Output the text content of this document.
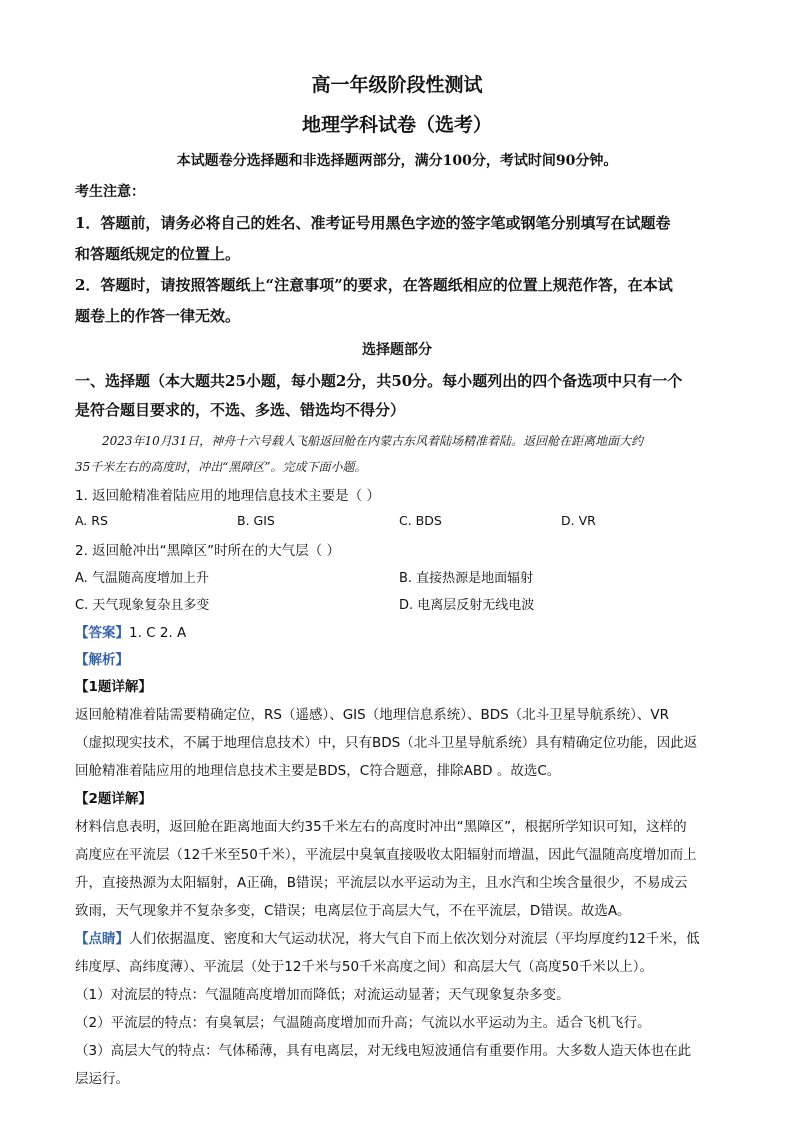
高一年级阶段性测试
地理学科试卷（选考）
本试题卷分选择题和非选择题两部分，满分100分，考试时间90分钟。
考生注意：
1．答题前，请务必将自己的姓名、准考证号用黑色字迹的签字笔或钢笔分别填写在试题卷
和答题纸规定的位置上。
2．答题时，请按照答题纸上“注意事项”的要求，在答题纸相应的位置上规范作答，在本试
题卷上的作答一律无效。
选择题部分
一、选择题（本大题共25小题，每小题2分，共50分。每小题列出的四个备选项中只有一个
是符合题目要求的，不选、多选、错选均不得分）
2023年10月31日，神舟十六号载人飞船返回舱在内蒙古东风着陆场精准着陆。返回舱在距离地面大约
35千米左右的高度时，冲出“黑障区”。完成下面小题。
1. 返回舱精准着陆应用的地理信息技术主要是（ ）
A. RS	B. GIS	C. BDS	D. VR
2. 返回舱冲出“黑障区”时所在的大气层（ ）
A. 气温随高度增加上升	B. 直接热源是地面辐射
C. 天气现象复杂且多变	D. 电离层反射无线电波
【答案】1. C 2. A
【解析】
【1题详解】
返回舱精准着陆需要精确定位，RS（遥感）、GIS（地理信息系统）、BDS（北斗卫星导航系统）、VR
（虚拟现实技术，不属于地理信息技术）中，只有BDS（北斗卫星导航系统）具有精确定位功能，因此返
回舱精准着陆应用的地理信息技术主要是BDS，C符合题意，排除ABD 。故选C。
【2题详解】
材料信息表明，返回舱在距离地面大约35千米左右的高度时冲出“黑障区”，根据所学知识可知，这样的
高度应在平流层（12千米至50千米），平流层中臭氧直接吸收太阳辐射而增温，因此气温随高度增加而上
升，直接热源为太阳辐射，A正确，B错误；平流层以水平运动为主，且水汽和尘埃含量很少，不易成云
致雨，天气现象并不复杂多变，C错误；电离层位于高层大气，不在平流层，D错误。故选A。
【点睛】人们依据温度、密度和大气运动状况，将大气自下而上依次划分对流层（平均厚度约12千米，低
纬度厚、高纬度薄）、平流层（处于12千米与50千米高度之间）和高层大气（高度50千米以上）。
（1）对流层的特点：气温随高度增加而降低；对流运动显著；天气现象复杂多变。
（2）平流层的特点：有臭氧层；气温随高度增加而升高；气流以水平运动为主。适合飞机飞行。
（3）高层大气的特点：气体稀薄，具有电离层，对无线电短波通信有重要作用。大多数人造天体也在此
层运行。
